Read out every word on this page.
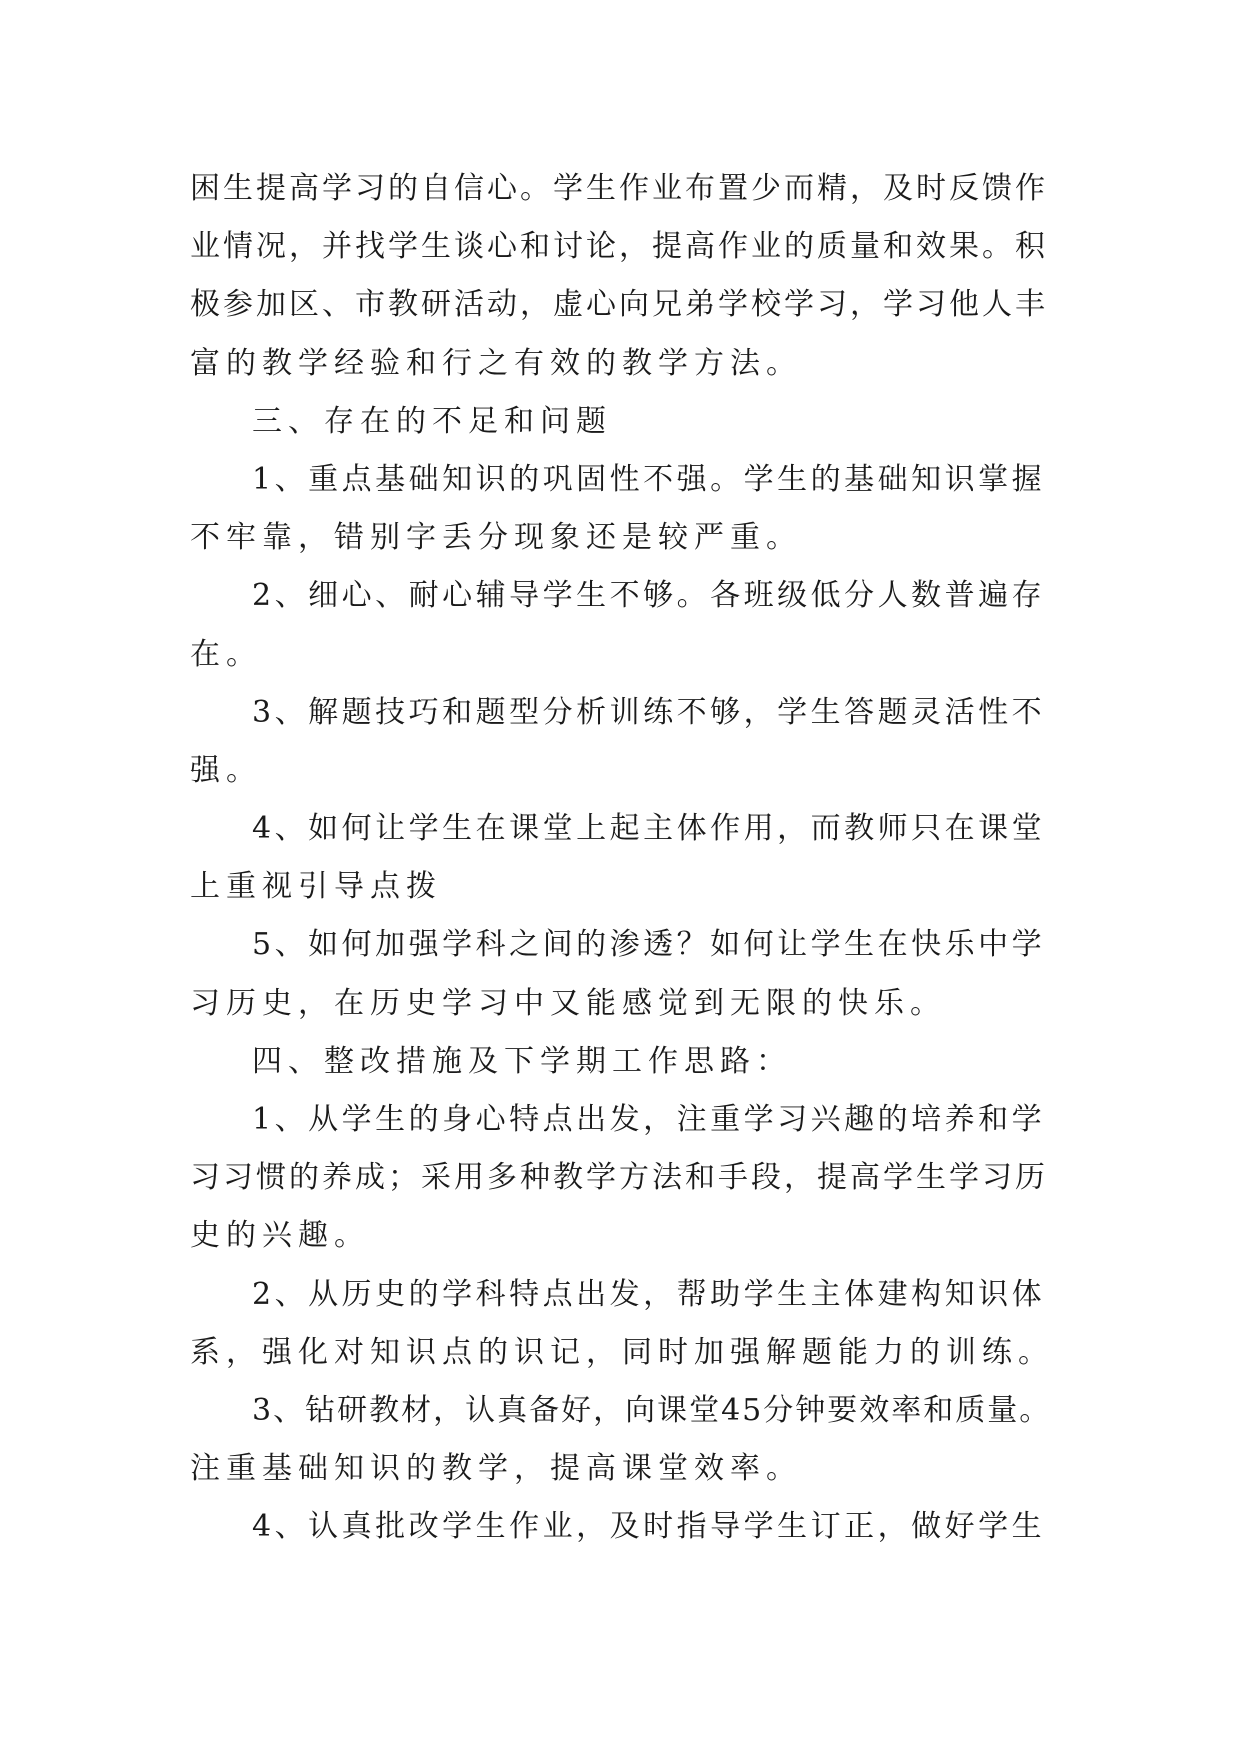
困生提高学习的自信心。学生作业布置少而精，及时反馈作
业情况，并找学生谈心和讨论，提高作业的质量和效果。积
极参加区、市教研活动，虚心向兄弟学校学习，学习他人丰
富的教学经验和行之有效的教学方法。
三、存在的不足和问题
1、重点基础知识的巩固性不强。学生的基础知识掌握
不牢靠，错别字丢分现象还是较严重。
2、细心、耐心辅导学生不够。各班级低分人数普遍存
在。
3、解题技巧和题型分析训练不够，学生答题灵活性不
强。
4、如何让学生在课堂上起主体作用，而教师只在课堂
上重视引导点拨
5、如何加强学科之间的渗透？如何让学生在快乐中学
习历史，在历史学习中又能感觉到无限的快乐。
四、整改措施及下学期工作思路：
1、从学生的身心特点出发，注重学习兴趣的培养和学
习习惯的养成；采用多种教学方法和手段，提高学生学习历
史的兴趣。
2、从历史的学科特点出发，帮助学生主体建构知识体
系，强化对知识点的识记，同时加强解题能力的训练。
3、钻研教材，认真备好，向课堂45分钟要效率和质量。
注重基础知识的教学，提高课堂效率。
4、认真批改学生作业，及时指导学生订正，做好学生
